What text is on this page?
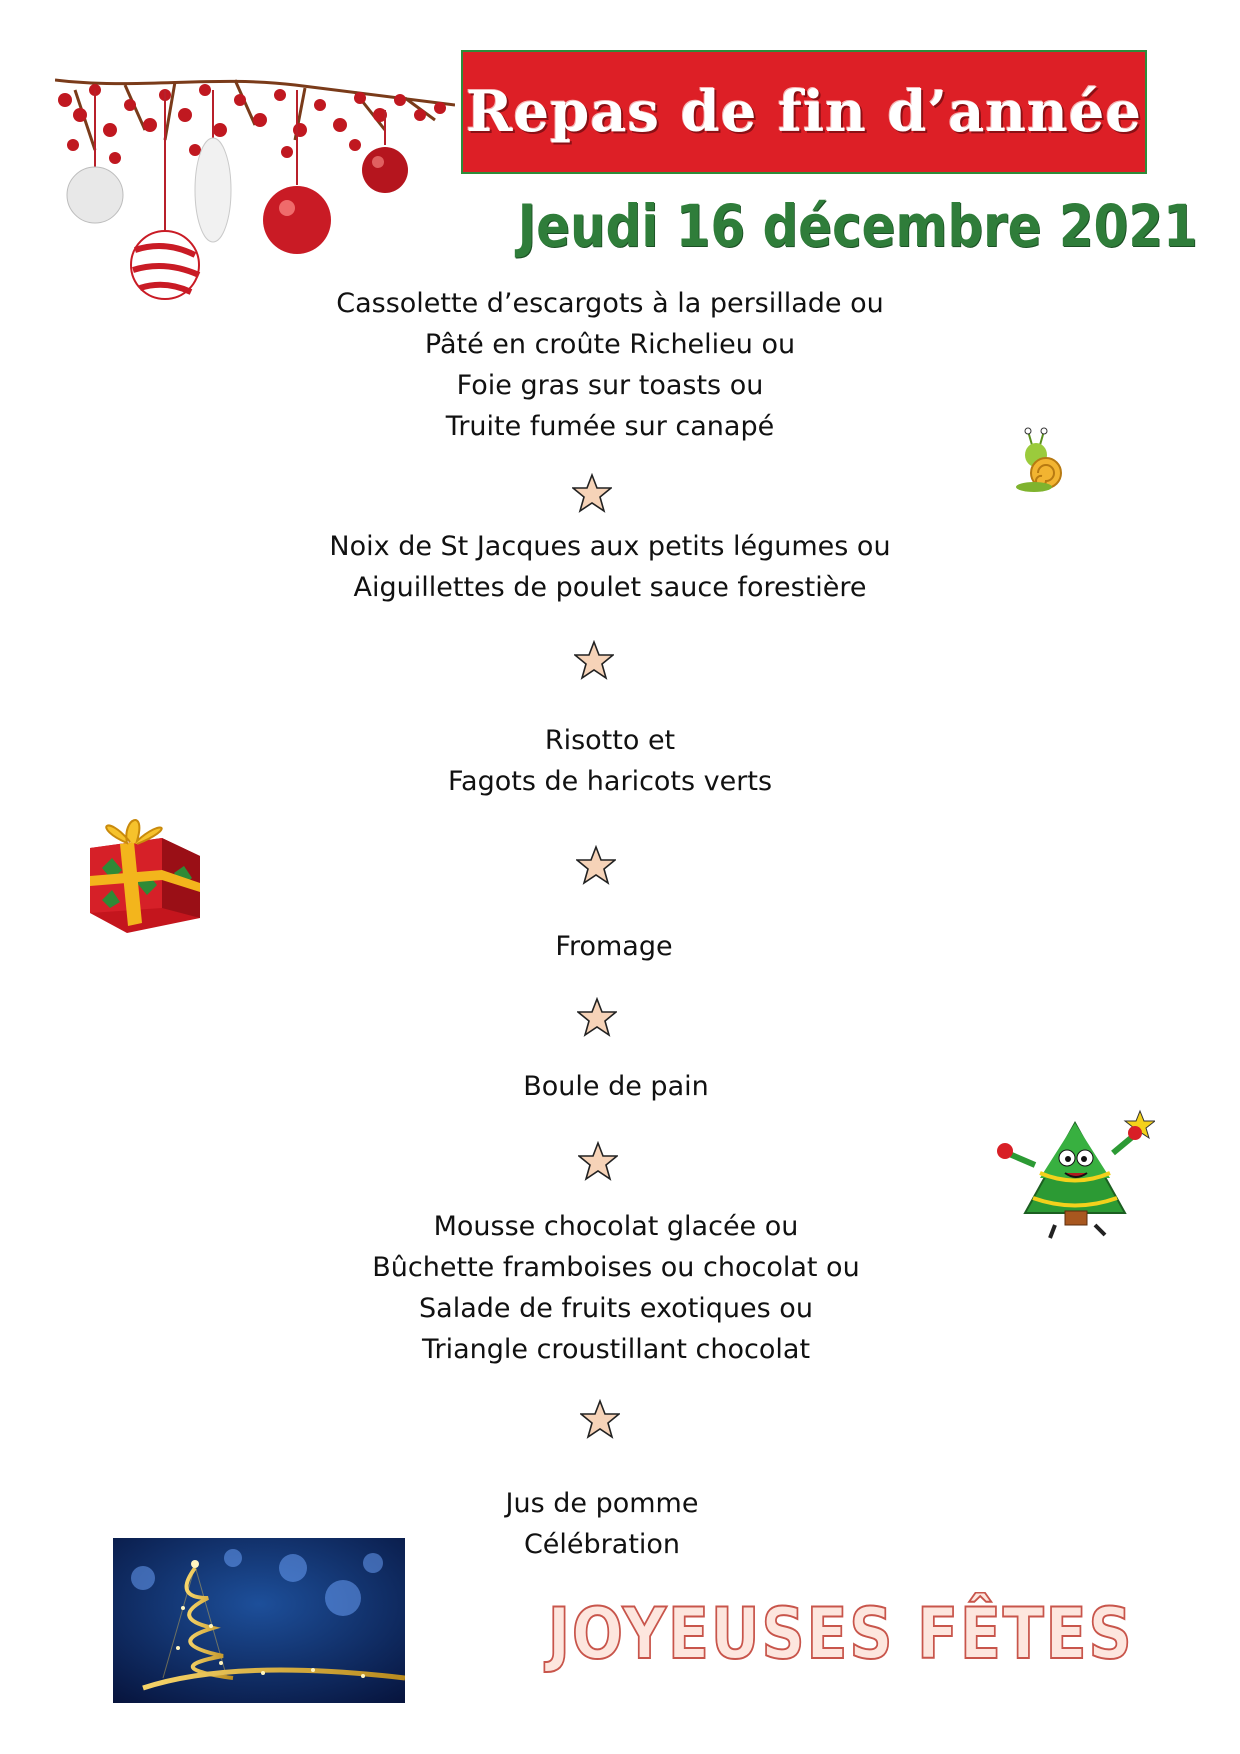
Repas de fin d’année
Jeudi 16 décembre 2021
Cassolette d’escargots à la persillade ou
Pâté en croûte Richelieu ou
Foie gras sur toasts ou
Truite fumée sur canapé
Noix de St Jacques aux petits légumes ou
Aiguillettes de poulet sauce forestière
Risotto et
Fagots de haricots verts
Fromage
Boule de pain
Mousse chocolat glacée ou
Bûchette framboises ou chocolat ou
Salade de fruits exotiques ou
Triangle croustillant chocolat
Jus de pomme
Célébration
JOYEUSES FÊTES
